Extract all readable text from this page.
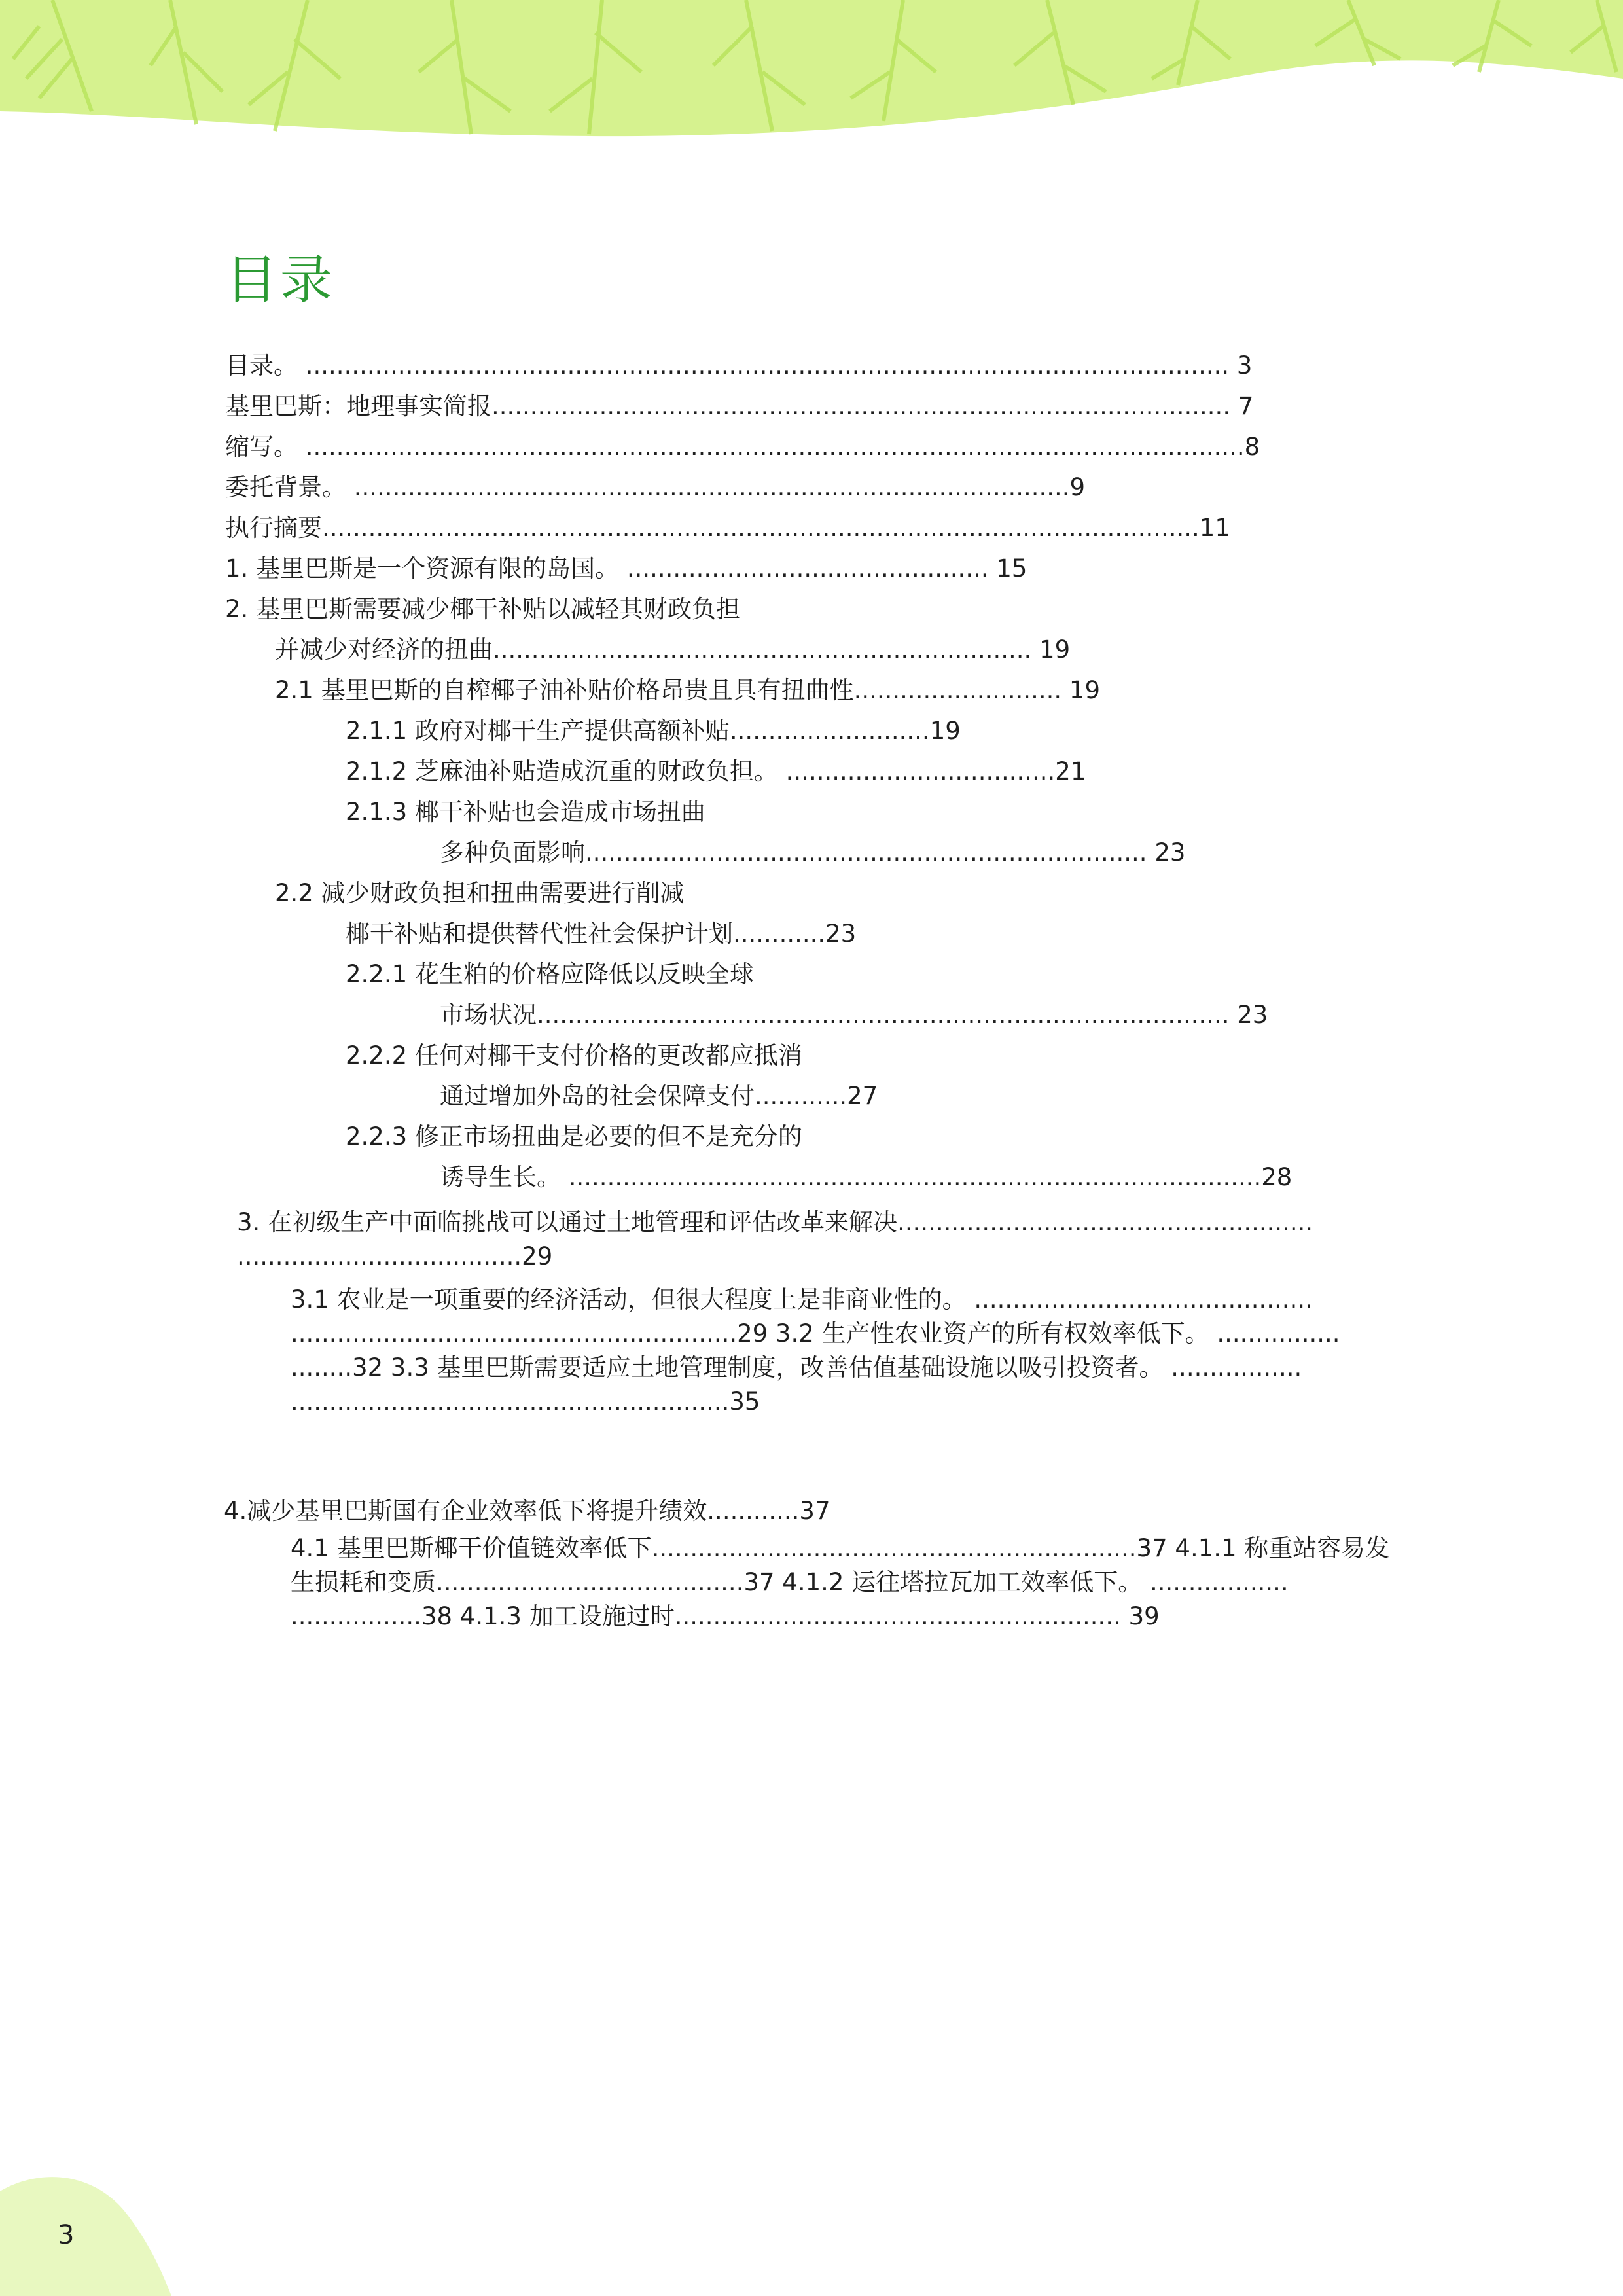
目录

目录。 ........................................................................................................................ 3

基里巴斯：地理事实简报................................................................................................ 7

缩写。 ..........................................................................................................................8

委托背景。 .............................................................................................9

执行摘要..................................................................................................................11

1. 基里巴斯是一个资源有限的岛国。 ............................................... 15

2. 基里巴斯需要减少椰干补贴以减轻其财政负担

并减少对经济的扭曲...................................................................... 19

2.1 基里巴斯的自榨椰子油补贴价格昂贵且具有扭曲性........................... 19

2.1.1 政府对椰干生产提供高额补贴..........................19

2.1.2 芝麻油补贴造成沉重的财政负担。 ...................................21

2.1.3 椰干补贴也会造成市场扭曲

多种负面影响......................................................................... 23

2.2 减少财政负担和扭曲需要进行削减

椰干补贴和提供替代性社会保护计划............23

2.2.1 花生粕的价格应降低以反映全球

市场状况.......................................................................................... 23

2.2.2 任何对椰干支付价格的更改都应抵消

通过增加外岛的社会保障支付............27

2.2.3 修正市场扭曲是必要的但不是充分的

诱导生长。 ..........................................................................................28

3. 在初级生产中面临挑战可以通过土地管理和评估改革来解决...................................................... .....................................29

3.1 农业是一项重要的经济活动，但很大程度上是非商业性的。 ............................................ ..........................................................29 3.2 生产性农业资产的所有权效率低下。 ................ ........32 3.3 基里巴斯需要适应土地管理制度，改善估值基础设施以吸引投资者。 ................. .........................................................35

4.减少基里巴斯国有企业效率低下将提升绩效............37

4.1 基里巴斯椰干价值链效率低下...............................................................37 4.1.1 称重站容易发生损耗和变质........................................37 4.1.2 运往塔拉瓦加工效率低下。 .................. .................38 4.1.3 加工设施过时.......................................................... 39

3
